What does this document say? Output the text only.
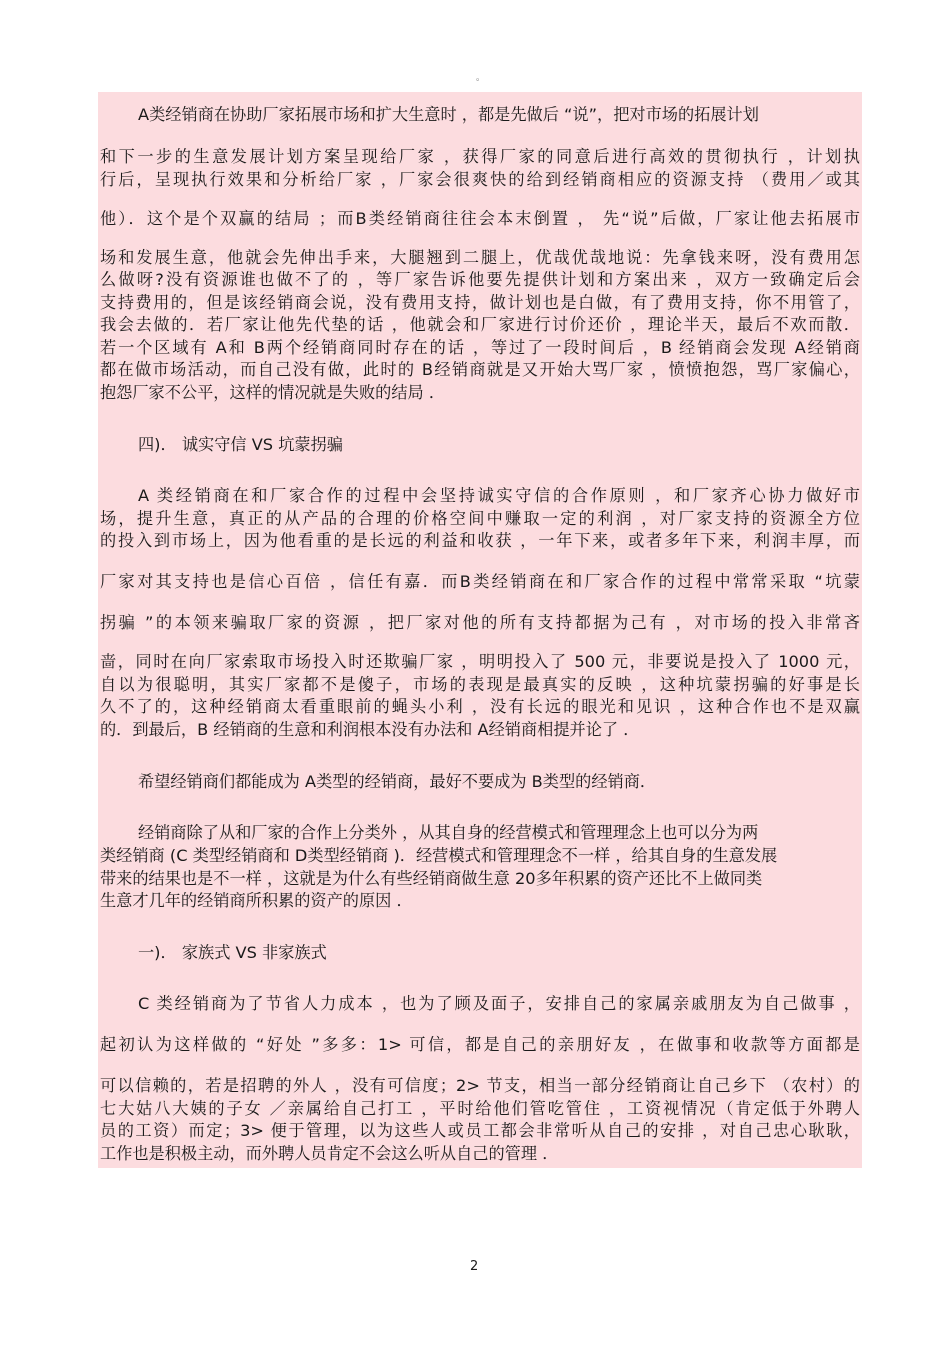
。
A类经销商在协助厂家拓展市场和扩大生意时 ，都是先做后 “说”，把对市场的拓展计划
和下一步的生意发展计划方案呈现给厂家 ，获得厂家的同意后进行高效的贯彻执行 ，计划执
行后，呈现执行效果和分析给厂家 ，厂家会很爽快的给到经销商相应的资源支持 （费用／或其
他）．这个是个双赢的结局 ；而B类经销商往往会本末倒置 ， 先“说”后做，厂家让他去拓展市
场和发展生意，他就会先伸出手来，大腿翘到二腿上，优哉优哉地说：先拿钱来呀，没有费用怎
么做呀?没有资源谁也做不了的 ，等厂家告诉他要先提供计划和方案出来 ，双方一致确定后会
支持费用的，但是该经销商会说，没有费用支持，做计划也是白做，有了费用支持，你不用管了，
我会去做的．若厂家让他先代垫的话 ，他就会和厂家进行讨价还价 ，理论半天，最后不欢而散．
若一个区域有 A和 B两个经销商同时存在的话 ，等过了一段时间后 ，B 经销商会发现 A经销商
都在做市场活动，而自己没有做，此时的 B经销商就是又开始大骂厂家 ，愤愤抱怨，骂厂家偏心，
抱怨厂家不公平，这样的情况就是失败的结局 ．
四)． 诚实守信 VS 坑蒙拐骗
A 类经销商在和厂家合作的过程中会坚持诚实守信的合作原则 ，和厂家齐心协力做好市
场，提升生意，真正的从产品的合理的价格空间中赚取一定的利润 ，对厂家支持的资源全方位
的投入到市场上，因为他看重的是长远的利益和收获 ，一年下来，或者多年下来，利润丰厚，而
厂家对其支持也是信心百倍 ，信任有嘉．而B类经销商在和厂家合作的过程中常常采取 “坑蒙
拐骗 ”的本领来骗取厂家的资源 ，把厂家对他的所有支持都据为己有 ，对市场的投入非常吝
啬，同时在向厂家索取市场投入时还欺骗厂家 ，明明投入了 500 元，非要说是投入了 1000 元，
自以为很聪明，其实厂家都不是傻子，市场的表现是最真实的反映 ，这种坑蒙拐骗的好事是长
久不了的，这种经销商太看重眼前的蝇头小利 ，没有长远的眼光和见识 ，这种合作也不是双赢
的．到最后，B 经销商的生意和利润根本没有办法和 A经销商相提并论了 ．
希望经销商们都能成为 A类型的经销商，最好不要成为 B类型的经销商．
经销商除了从和厂家的合作上分类外 ，从其自身的经营模式和管理理念上也可以分为两
类经销商 (C 类型经销商和 D类型经销商 )．经营模式和管理理念不一样 ，给其自身的生意发展
带来的结果也是不一样 ，这就是为什么有些经销商做生意 20多年积累的资产还比不上做同类
生意才几年的经销商所积累的资产的原因 ．
一)． 家族式 VS 非家族式
C 类经销商为了节省人力成本 ，也为了顾及面子，安排自己的家属亲戚朋友为自己做事 ，
起初认为这样做的 “好处 ”多多：1> 可信，都是自己的亲朋好友 ，在做事和收款等方面都是
可以信赖的，若是招聘的外人 ，没有可信度；2> 节支，相当一部分经销商让自己乡下 （农村）的
七大姑八大姨的子女 ／亲属给自己打工 ，平时给他们管吃管住 ，工资视情况（肯定低于外聘人
员的工资）而定；3> 便于管理，以为这些人或员工都会非常听从自己的安排 ，对自己忠心耿耿，
工作也是积极主动，而外聘人员肯定不会这么听从自己的管理 ．
2
